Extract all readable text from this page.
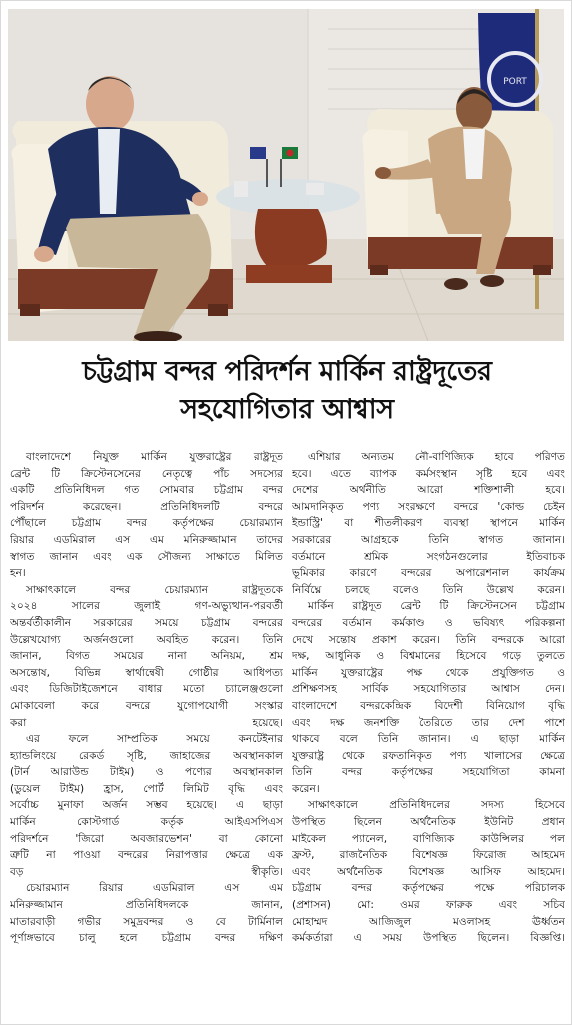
PORT
চট্টগ্রাম বন্দর পরিদর্শন মার্কিন রাষ্ট্রদূতের
সহযোগিতার আশ্বাস

বাংলাদেশে নিযুক্ত মার্কিন যুক্তরাষ্ট্রের রাষ্ট্রদূত
ব্রেন্ট টি ক্রিস্টেনসেনের নেতৃত্বে পাঁচ সদস্যের
একটি প্রতিনিধিদল গত সোমবার চট্টগ্রাম বন্দর
পরিদর্শন করেছেন। প্রতিনিধিদলটি বন্দরে
পৌঁছালে চট্টগ্রাম বন্দর কর্তৃপক্ষের চেয়ারম্যান
রিয়ার এডমিরাল এস এম মনিরুজ্জামান তাদের
স্বাগত জানান এবং এক সৌজন্য সাক্ষাতে মিলিত
হন।

সাক্ষাৎকালে বন্দর চেয়ারম্যান রাষ্ট্রদূতকে
২০২৪ সালের জুলাই গণ-অভ্যুত্থান-পরবর্তী
অন্তর্বর্তীকালীন সরকারের সময়ে চট্টগ্রাম বন্দরের
উল্লেখযোগ্য অর্জনগুলো অবহিত করেন। তিনি
জানান, বিগত সময়ের নানা অনিয়ম, শ্রম
অসন্তোষ, বিভিন্ন স্বার্থান্বেষী গোষ্ঠীর আধিপত্য
এবং ডিজিটাইজেশনে বাধার মতো চ্যালেঞ্জগুলো
মোকাবেলা করে বন্দরে যুগোপযোগী সংস্কার
করা হয়েছে।

এর ফলে সাম্প্রতিক সময়ে কনটেইনার
হ্যান্ডলিংয়ে রেকর্ড সৃষ্টি, জাহাজের অবস্থানকাল
(টার্ন আরাউন্ড টাইম) ও পণ্যের অবস্থানকাল
(ডুয়েল টাইম) হ্রাস, পোর্ট লিমিট বৃদ্ধি এবং
সর্বোচ্চ মুনাফা অর্জন সম্ভব হয়েছে। এ ছাড়া
মার্কিন কোস্টগার্ড কর্তৃক আইএসপিএস
পরিদর্শনে 'জিরো অবজারভেশন' বা কোনো
ত্রুটি না পাওয়া বন্দরের নিরাপত্তার ক্ষেত্রে এক
বড় স্বীকৃতি।

চেয়ারম্যান রিয়ার এডমিরাল এস এম
মনিরুজ্জামান প্রতিনিধিদলকে জানান,
মাতারবাড়ী গভীর সমুদ্রবন্দর ও বে টার্মিনাল
পূর্ণাঙ্গভাবে চালু হলে চট্টগ্রাম বন্দর দক্ষিণ

এশিয়ার অন্যতম নৌ-বাণিজ্যিক হাবে পরিণত
হবে। এতে ব্যাপক কর্মসংস্থান সৃষ্টি হবে এবং
দেশের অর্থনীতি আরো শক্তিশালী হবে।
আমদানিকৃত পণ্য সংরক্ষণে বন্দরে 'কোল্ড চেইন
ইন্ডাস্ট্রি' বা শীতলীকরণ ব্যবস্থা স্থাপনে মার্কিন
সরকারের আগ্রহকে তিনি স্বাগত জানান।
বর্তমানে শ্রমিক সংগঠনগুলোর ইতিবাচক
ভূমিকার কারণে বন্দরের অপারেশনাল কার্যক্রম
নির্বিঘ্নে চলছে বলেও তিনি উল্লেখ করেন।

মার্কিন রাষ্ট্রদূত ব্রেন্ট টি ক্রিস্টেনসেন চট্টগ্রাম
বন্দরের বর্তমান কর্মকাণ্ড ও ভবিষ্যৎ পরিকল্পনা
দেখে সন্তোষ প্রকাশ করেন। তিনি বন্দরকে আরো
দক্ষ, আধুনিক ও বিশ্বমানের হিসেবে গড়ে তুলতে
মার্কিন যুক্তরাষ্ট্রের পক্ষ থেকে প্রযুক্তিগত ও
প্রশিক্ষণসহ সার্বিক সহযোগিতার আশ্বাস দেন।
বাংলাদেশে বন্দরকেন্দ্রিক বিদেশী বিনিয়োগ বৃদ্ধি
এবং দক্ষ জনশক্তি তৈরিতে তার দেশ পাশে
থাকবে বলে তিনি জানান। এ ছাড়া মার্কিন
যুক্তরাষ্ট্র থেকে রফতানিকৃত পণ্য খালাসের ক্ষেত্রে
তিনি বন্দর কর্তৃপক্ষের সহযোগিতা কামনা
করেন।

সাক্ষাৎকালে প্রতিনিধিদলের সদস্য হিসেবে
উপস্থিত ছিলেন অর্থনৈতিক ইউনিট প্রধান
মাইকেল প্যানেল, বাণিজ্যিক কাউন্সিলর পল
ফ্রস্ট, রাজনৈতিক বিশেষজ্ঞ ফিরোজ আহমেদ
এবং অর্থনৈতিক বিশেষজ্ঞ আসিফ আহমেদ।
চট্টগ্রাম বন্দর কর্তৃপক্ষের পক্ষে পরিচালক
(প্রশাসন) মো: ওমর ফারুক এবং সচিব
মোহাম্মদ আজিজুল মওলাসহ ঊর্ধ্বতন
কর্মকর্তারা এ সময় উপস্থিত ছিলেন। বিজ্ঞপ্তি।
